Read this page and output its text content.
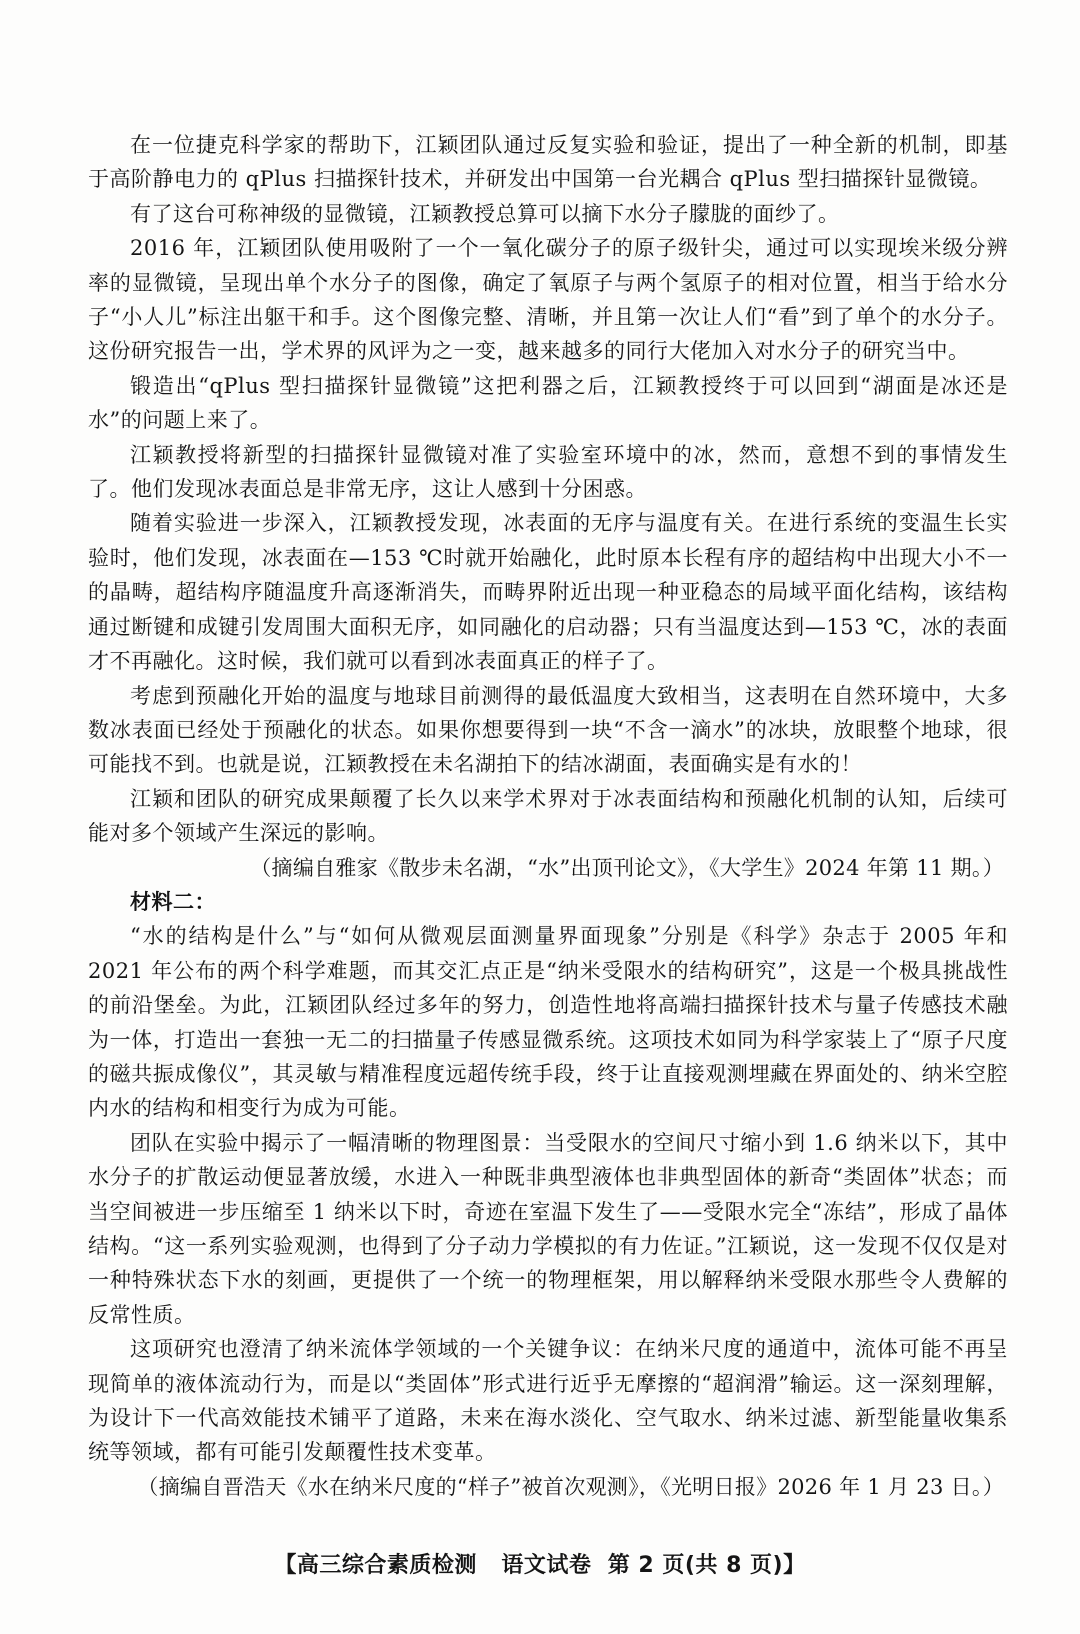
在一位捷克科学家的帮助下，江颖团队通过反复实验和验证，提出了一种全新的机制，即基于高阶静电力的 qPlus 扫描探针技术，并研发出中国第一台光耦合 qPlus 型扫描探针显微镜。

有了这台可称神级的显微镜，江颖教授总算可以摘下水分子朦胧的面纱了。

2016 年，江颖团队使用吸附了一个一氧化碳分子的原子级针尖，通过可以实现埃米级分辨率的显微镜，呈现出单个水分子的图像，确定了氧原子与两个氢原子的相对位置，相当于给水分子“小人儿”标注出躯干和手。这个图像完整、清晰，并且第一次让人们“看”到了单个的水分子。这份研究报告一出，学术界的风评为之一变，越来越多的同行大佬加入对水分子的研究当中。

锻造出“qPlus 型扫描探针显微镜”这把利器之后，江颖教授终于可以回到“湖面是冰还是水”的问题上来了。

江颖教授将新型的扫描探针显微镜对准了实验室环境中的冰，然而，意想不到的事情发生了。他们发现冰表面总是非常无序，这让人感到十分困惑。

随着实验进一步深入，江颖教授发现，冰表面的无序与温度有关。在进行系统的变温生长实验时，他们发现，冰表面在—153 ℃时就开始融化，此时原本长程有序的超结构中出现大小不一的晶畴，超结构序随温度升高逐渐消失，而畴界附近出现一种亚稳态的局域平面化结构，该结构通过断键和成键引发周围大面积无序，如同融化的启动器；只有当温度达到—153 ℃，冰的表面才不再融化。这时候，我们就可以看到冰表面真正的样子了。

考虑到预融化开始的温度与地球目前测得的最低温度大致相当，这表明在自然环境中，大多数冰表面已经处于预融化的状态。如果你想要得到一块“不含一滴水”的冰块，放眼整个地球，很可能找不到。也就是说，江颖教授在未名湖拍下的结冰湖面，表面确实是有水的！

江颖和团队的研究成果颠覆了长久以来学术界对于冰表面结构和预融化机制的认知，后续可能对多个领域产生深远的影响。

（摘编自雅家《散步未名湖，“水”出顶刊论文》，《大学生》2024 年第 11 期。）

材料二：

“水的结构是什么”与“如何从微观层面测量界面现象”分别是《科学》杂志于 2005 年和 2021 年公布的两个科学难题，而其交汇点正是“纳米受限水的结构研究”，这是一个极具挑战性的前沿堡垒。为此，江颖团队经过多年的努力，创造性地将高端扫描探针技术与量子传感技术融为一体，打造出一套独一无二的扫描量子传感显微系统。这项技术如同为科学家装上了“原子尺度的磁共振成像仪”，其灵敏与精准程度远超传统手段，终于让直接观测埋藏在界面处的、纳米空腔内水的结构和相变行为成为可能。

团队在实验中揭示了一幅清晰的物理图景：当受限水的空间尺寸缩小到 1.6 纳米以下，其中水分子的扩散运动便显著放缓，水进入一种既非典型液体也非典型固体的新奇“类固体”状态；而当空间被进一步压缩至 1 纳米以下时，奇迹在室温下发生了——受限水完全“冻结”，形成了晶体结构。“这一系列实验观测，也得到了分子动力学模拟的有力佐证。”江颖说，这一发现不仅仅是对一种特殊状态下水的刻画，更提供了一个统一的物理框架，用以解释纳米受限水那些令人费解的反常性质。

这项研究也澄清了纳米流体学领域的一个关键争议：在纳米尺度的通道中，流体可能不再呈现简单的液体流动行为，而是以“类固体”形式进行近乎无摩擦的“超润滑”输运。这一深刻理解，为设计下一代高效能技术铺平了道路，未来在海水淡化、空气取水、纳米过滤、新型能量收集系统等领域，都有可能引发颠覆性技术变革。

（摘编自晋浩天《水在纳米尺度的“样子”被首次观测》，《光明日报》2026 年 1 月 23 日。）

【高三综合素质检测 语文试卷 第 2 页(共 8 页)】
